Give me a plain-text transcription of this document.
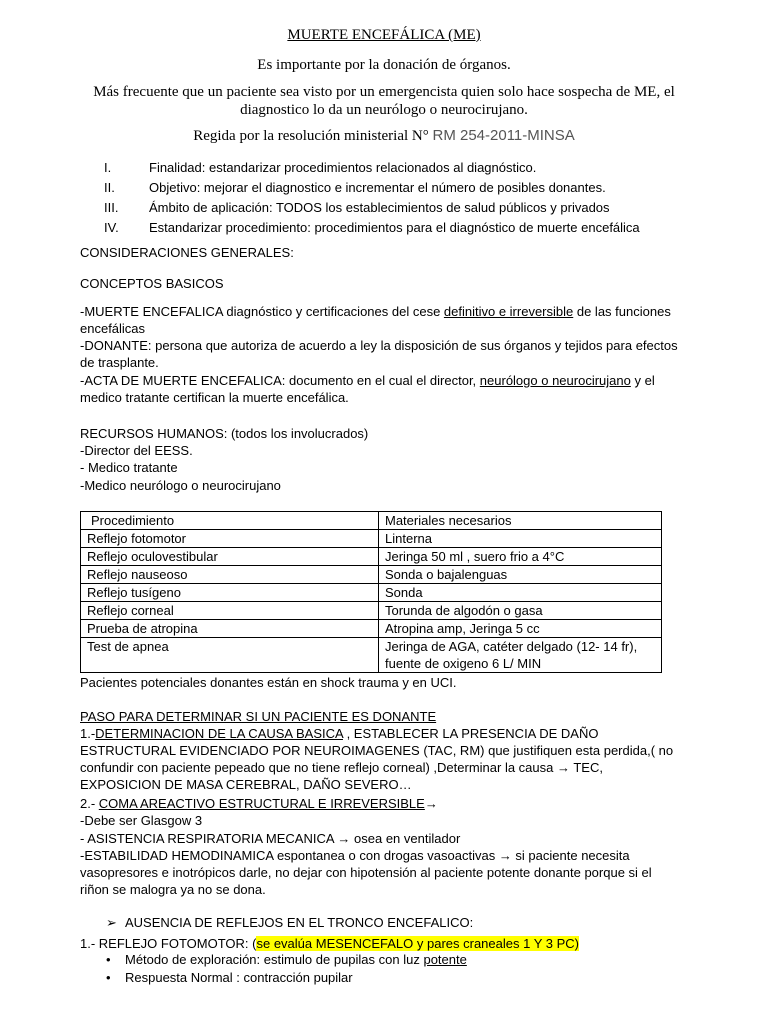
MUERTE ENCEFÁLICA (ME)
Es importante por la donación de órganos.
Más frecuente que un paciente sea visto por un emergencista quien solo hace sospecha de ME, el diagnostico lo da un neurólogo o neurocirujano.
Regida por la resolución ministerial N° RM 254-2011-MINSA
I.	Finalidad: estandarizar procedimientos relacionados al diagnóstico.
II.	Objetivo: mejorar el diagnostico e incrementar el número de posibles donantes.
III.	Ámbito de aplicación: TODOS los establecimientos de salud públicos y privados
IV.	Estandarizar procedimiento: procedimientos para el diagnóstico de muerte encefálica
CONSIDERACIONES GENERALES:
CONCEPTOS BASICOS
-MUERTE ENCEFALICA diagnóstico y certificaciones del cese definitivo e irreversible de las funciones encefálicas
-DONANTE: persona que autoriza de acuerdo a ley la disposición de sus órganos y tejidos para efectos de trasplante.
-ACTA DE MUERTE ENCEFALICA: documento en el cual el director, neurólogo o neurocirujano y el medico tratante certifican la muerte encefálica.
RECURSOS HUMANOS: (todos los involucrados)
-Director del EESS.
- Medico tratante
-Medico neurólogo o neurocirujano
Procedimiento	Materiales necesarios
Reflejo fotomotor	Linterna
Reflejo oculovestibular	Jeringa 50 ml , suero frio a 4°C
Reflejo nauseoso	Sonda o bajalenguas
Reflejo tusígeno	Sonda
Reflejo corneal	Torunda de algodón o gasa
Prueba de atropina	Atropina amp, Jeringa 5 cc
Test de apnea	Jeringa de AGA, catéter delgado (12- 14 fr), fuente de oxigeno 6 L/ MIN
Pacientes potenciales donantes están en shock trauma y en UCI.
PASO PARA DETERMINAR SI UN PACIENTE ES DONANTE
1.-DETERMINACION DE LA CAUSA BASICA , ESTABLECER LA PRESENCIA DE DAÑO ESTRUCTURAL EVIDENCIADO POR NEUROIMAGENES (TAC, RM) que justifiquen esta perdida,( no confundir con paciente pepeado que no tiene reflejo corneal) ,Determinar la causa → TEC, EXPOSICION DE MASA CEREBRAL, DAÑO SEVERO…
2.- COMA AREACTIVO ESTRUCTURAL E IRREVERSIBLE→
-Debe ser Glasgow 3
- ASISTENCIA RESPIRATORIA MECANICA → osea en ventilador
-ESTABILIDAD HEMODINAMICA espontanea o con drogas vasoactivas → si paciente necesita vasopresores e inotrópicos darle, no dejar con hipotensión al paciente potente donante porque si el riñon se malogra ya no se dona.
➢ AUSENCIA DE REFLEJOS EN EL TRONCO ENCEFALICO:
1.- REFLEJO FOTOMOTOR: (se evalúa MESENCEFALO y pares craneales 1 Y 3 PC)
• Método de exploración: estimulo de pupilas con luz potente
• Respuesta Normal : contracción pupilar
